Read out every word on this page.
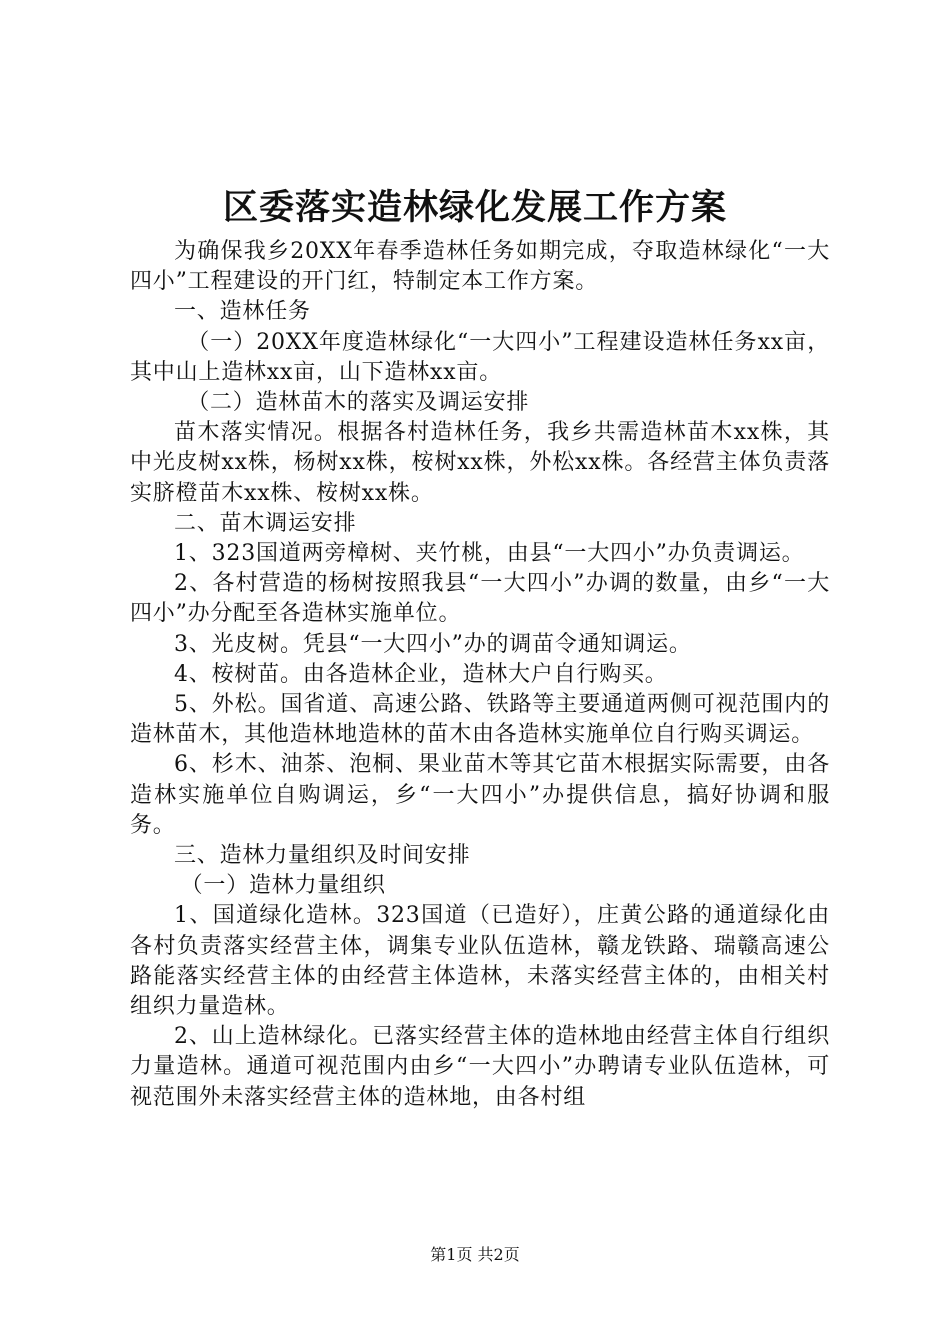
区委落实造林绿化发展工作方案

为确保我乡20XX年春季造林任务如期完成，夺取造林绿化“一大四小”工程建设的开门红，特制定本工作方案。

一、造林任务

（一）20XX年度造林绿化“一大四小”工程建设造林任务xx亩，其中山上造林xx亩，山下造林xx亩。

（二）造林苗木的落实及调运安排

苗木落实情况。根据各村造林任务，我乡共需造林苗木xx株，其中光皮树xx株，杨树xx株，桉树xx株，外松xx株。各经营主体负责落实脐橙苗木xx株、桉树xx株。

二、苗木调运安排

1、323国道两旁樟树、夹竹桃，由县“一大四小”办负责调运。

2、各村营造的杨树按照我县“一大四小”办调的数量，由乡“一大四小”办分配至各造林实施单位。

3、光皮树。凭县“一大四小”办的调苗令通知调运。

4、桉树苗。由各造林企业，造林大户自行购买。

5、外松。国省道、高速公路、铁路等主要通道两侧可视范围内的造林苗木，其他造林地造林的苗木由各造林实施单位自行购买调运。

6、杉木、油茶、泡桐、果业苗木等其它苗木根据实际需要，由各造林实施单位自购调运，乡“一大四小”办提供信息，搞好协调和服务。

三、造林力量组织及时间安排

（一）造林力量组织

1、国道绿化造林。323国道（已造好），庄黄公路的通道绿化由各村负责落实经营主体，调集专业队伍造林，赣龙铁路、瑞赣高速公路能落实经营主体的由经营主体造林，未落实经营主体的，由相关村组织力量造林。

2、山上造林绿化。已落实经营主体的造林地由经营主体自行组织力量造林。通道可视范围内由乡“一大四小”办聘请专业队伍造林，可视范围外未落实经营主体的造林地，由各村组

第1页 共2页
